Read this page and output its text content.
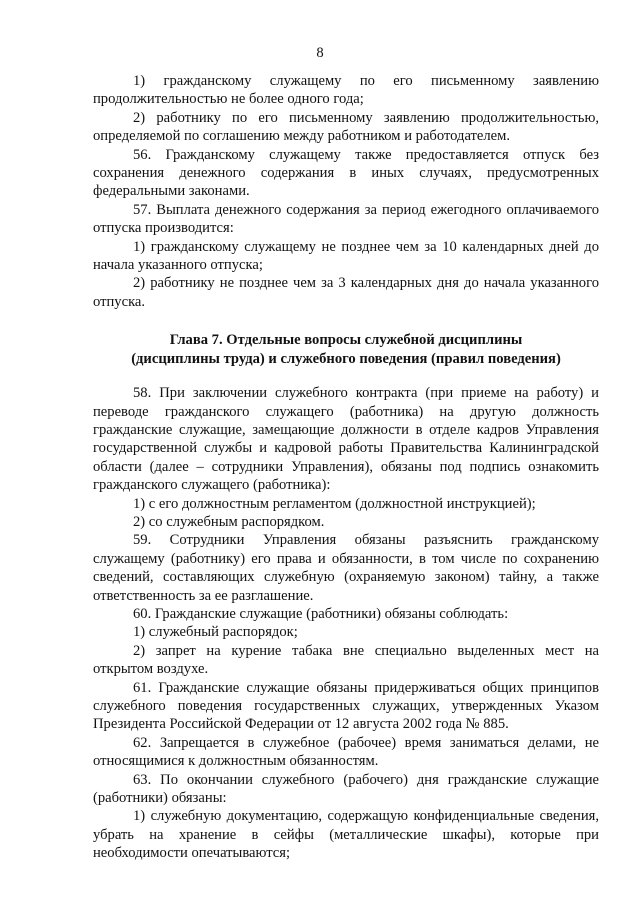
8

1) гражданскому служащему по его письменному заявлению продолжительностью не более одного года;

2) работнику по его письменному заявлению продолжительностью, определяемой по соглашению между работником и работодателем.

56. Гражданскому служащему также предоставляется отпуск без сохранения денежного содержания в иных случаях, предусмотренных федеральными законами.

57. Выплата денежного содержания за период ежегодного оплачиваемого отпуска производится:

1) гражданскому служащему не позднее чем за 10 календарных дней до начала указанного отпуска;

2) работнику не позднее чем за 3 календарных дня до начала указанного отпуска.

Глава 7. Отдельные вопросы служебной дисциплины
(дисциплины труда) и служебного поведения (правил поведения)

58. При заключении служебного контракта (при приеме на работу) и переводе гражданского служащего (работника) на другую должность гражданские служащие, замещающие должности в отделе кадров Управления государственной службы и кадровой работы Правительства Калининградской области (далее – сотрудники Управления), обязаны под подпись ознакомить гражданского служащего (работника):

1) с его должностным регламентом (должностной инструкцией);

2) со служебным распорядком.

59. Сотрудники Управления обязаны разъяснить гражданскому служащему (работнику) его права и обязанности, в том числе по сохранению сведений, составляющих служебную (охраняемую законом) тайну, а также ответственность за ее разглашение.

60. Гражданские служащие (работники) обязаны соблюдать:

1) служебный распорядок;

2) запрет на курение табака вне специально выделенных мест на открытом воздухе.

61. Гражданские служащие обязаны придерживаться общих принципов служебного поведения государственных служащих, утвержденных Указом Президента Российской Федерации от 12 августа 2002 года № 885.

62. Запрещается в служебное (рабочее) время заниматься делами, не относящимися к должностным обязанностям.

63. По окончании служебного (рабочего) дня гражданские служащие (работники) обязаны:

1) служебную документацию, содержащую конфиденциальные сведения, убрать на хранение в сейфы (металлические шкафы), которые при необходимости опечатываются;
